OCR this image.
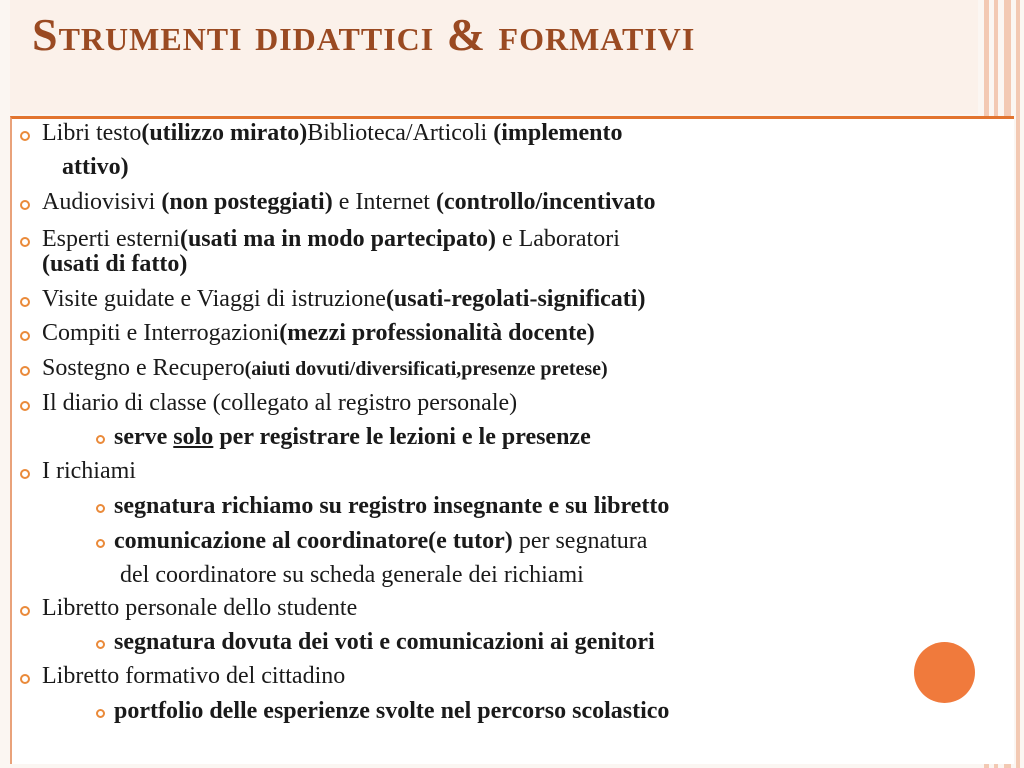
Strumenti didattici & formativi
Libri testo(utilizzo mirato)Biblioteca/Articoli (implemento
attivo)
Audiovisivi (non posteggiati) e Internet (controllo/incentivato
Esperti esterni(usati ma in modo partecipato) e Laboratori
(usati di fatto)
Visite guidate e Viaggi di istruzione(usati-regolati-significati)
Compiti e Interrogazioni(mezzi professionalità docente)
Sostegno e Recupero(aiuti dovuti/diversificati,presenze pretese)
Il diario di classe (collegato al registro personale)
serve solo per registrare le lezioni e le presenze
I richiami
segnatura richiamo su registro insegnante e su libretto
comunicazione al coordinatore(e tutor) per segnatura
del coordinatore su scheda generale dei richiami
Libretto personale dello studente
segnatura dovuta dei voti e comunicazioni ai genitori
Libretto formativo del cittadino
portfolio delle esperienze svolte nel percorso scolastico
